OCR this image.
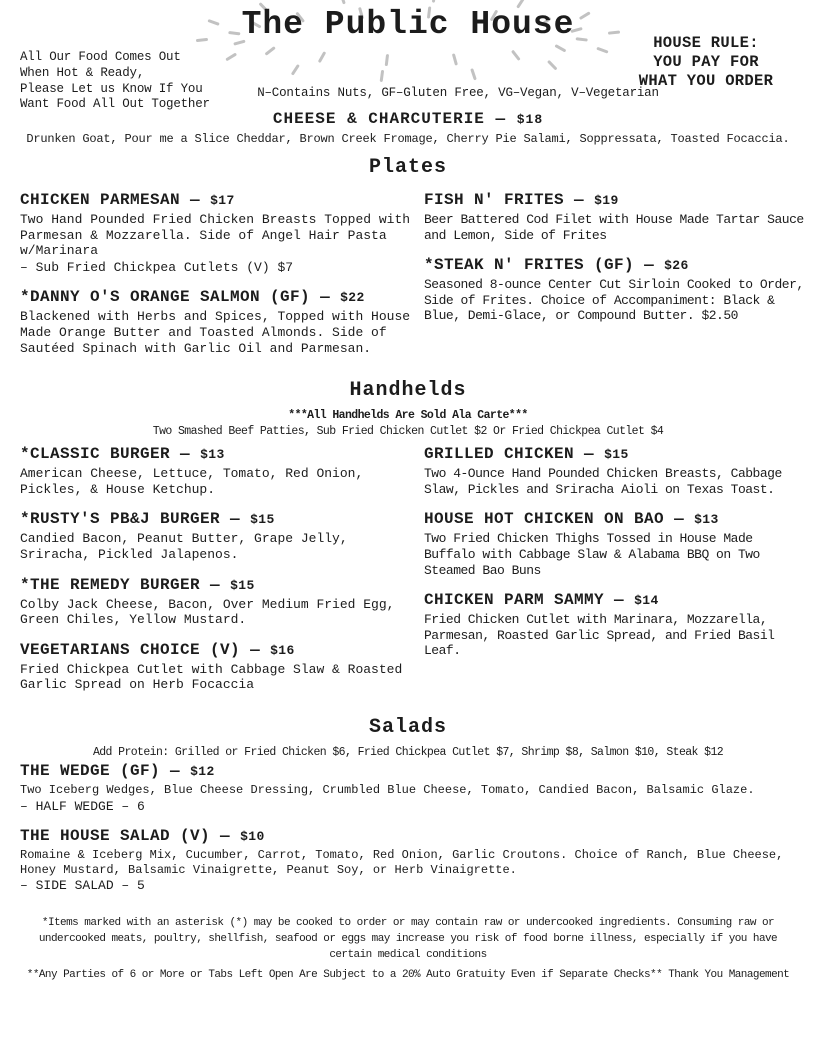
The Public House
All Our Food Comes Out
When Hot & Ready,
Please Let us Know If You
Want Food All Out Together
HOUSE RULE:
YOU PAY FOR
WHAT YOU ORDER
N–Contains Nuts, GF–Gluten Free, VG–Vegan, V–Vegetarian
CHEESE & CHARCUTERIE — $18
Drunken Goat, Pour me a Slice Cheddar, Brown Creek Fromage, Cherry Pie Salami, Soppressata, Toasted Focaccia.
Plates
CHICKEN PARMESAN — $17
Two Hand Pounded Fried Chicken Breasts Topped with Parmesan & Mozzarella. Side of Angel Hair Pasta w/Marinara
– Sub Fried Chickpea Cutlets (V) $7
*DANNY O'S ORANGE SALMON (GF) — $22
Blackened with Herbs and Spices, Topped with House Made Orange Butter and Toasted Almonds. Side of Sautéed Spinach with Garlic Oil and Parmesan.
FISH N' FRITES — $19
Beer Battered Cod Filet with House Made Tartar Sauce and Lemon, Side of Frites
*STEAK N' FRITES (GF) — $26
Seasoned 8-ounce Center Cut Sirloin Cooked to Order, Side of Frites. Choice of Accompaniment: Black & Blue, Demi-Glace, or Compound Butter. $2.50
Handhelds
***All Handhelds Are Sold Ala Carte***
Two Smashed Beef Patties, Sub Fried Chicken Cutlet $2 Or Fried Chickpea Cutlet $4
*CLASSIC BURGER — $13
American Cheese, Lettuce, Tomato, Red Onion, Pickles, & House Ketchup.
*RUSTY'S PB&J BURGER — $15
Candied Bacon, Peanut Butter, Grape Jelly, Sriracha, Pickled Jalapenos.
*THE REMEDY BURGER — $15
Colby Jack Cheese, Bacon, Over Medium Fried Egg, Green Chiles, Yellow Mustard.
VEGETARIANS CHOICE (V) — $16
Fried Chickpea Cutlet with Cabbage Slaw & Roasted Garlic Spread on Herb Focaccia
GRILLED CHICKEN — $15
Two 4-Ounce Hand Pounded Chicken Breasts, Cabbage Slaw, Pickles and Sriracha Aioli on Texas Toast.
HOUSE HOT CHICKEN ON BAO — $13
Two Fried Chicken Thighs Tossed in House Made Buffalo with Cabbage Slaw & Alabama BBQ on Two Steamed Bao Buns
CHICKEN PARM SAMMY — $14
Fried Chicken Cutlet with Marinara, Mozzarella, Parmesan, Roasted Garlic Spread, and Fried Basil Leaf.
Salads
Add Protein: Grilled or Fried Chicken $6, Fried Chickpea Cutlet $7, Shrimp $8, Salmon $10, Steak $12
THE WEDGE (GF) — $12
Two Iceberg Wedges, Blue Cheese Dressing, Crumbled Blue Cheese, Tomato, Candied Bacon, Balsamic Glaze.
– HALF WEDGE – 6
THE HOUSE SALAD (V) — $10
Romaine & Iceberg Mix, Cucumber, Carrot, Tomato, Red Onion, Garlic Croutons. Choice of Ranch, Blue Cheese, Honey Mustard, Balsamic Vinaigrette, Peanut Soy, or Herb Vinaigrette.
– SIDE SALAD – 5
*Items marked with an asterisk (*) may be cooked to order or may contain raw or undercooked ingredients. Consuming raw or undercooked meats, poultry, shellfish, seafood or eggs may increase you risk of food borne illness, especially if you have certain medical conditions
**Any Parties of 6 or More or Tabs Left Open Are Subject to a 20% Auto Gratuity Even if Separate Checks** Thank You Management
